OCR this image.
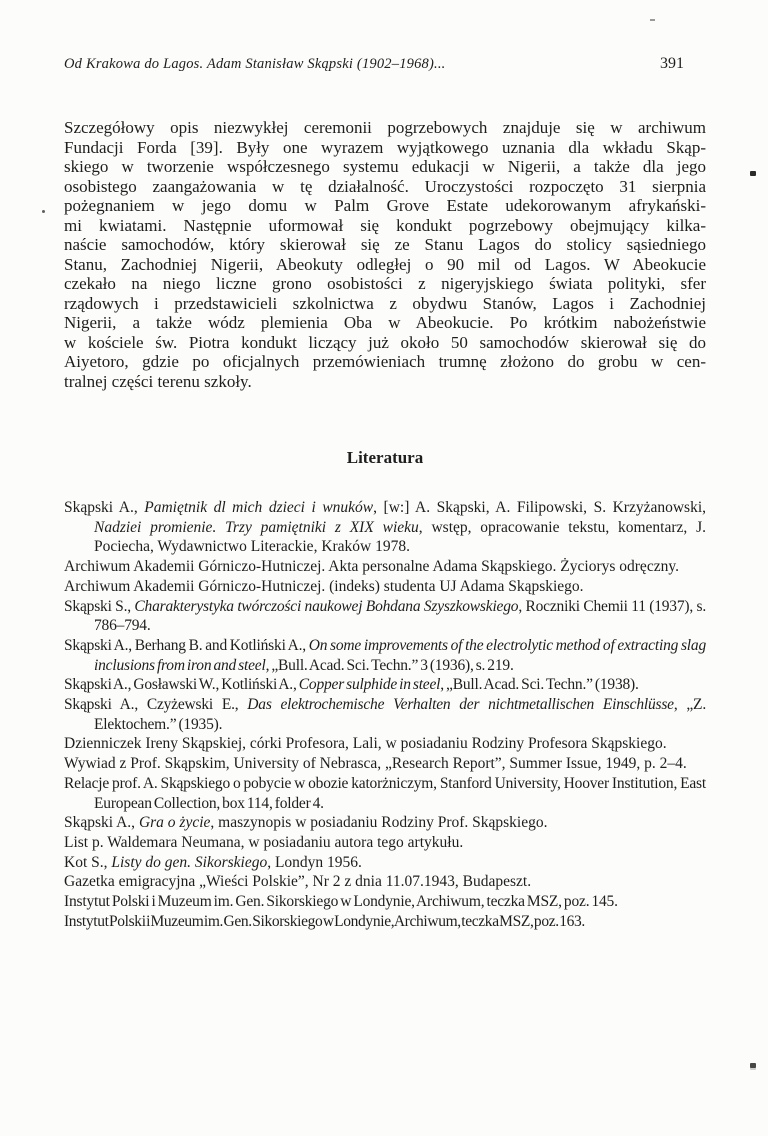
Od Krakowa do Lagos. Adam Stanisław Skąpski (1902–1968)...	391
Szczegółowy opis niezwykłej ceremonii pogrzebowych znajduje się w archiwum
Fundacji Forda [39]. Były one wyrazem wyjątkowego uznania dla wkładu Skąp-
skiego w tworzenie współczesnego systemu edukacji w Nigerii, a także dla jego
osobistego zaangażowania w tę działalność. Uroczystości rozpoczęto 31 sierpnia
pożegnaniem w jego domu w Palm Grove Estate udekorowanym afrykański-
mi kwiatami. Następnie uformował się kondukt pogrzebowy obejmujący kilka-
naście samochodów, który skierował się ze Stanu Lagos do stolicy sąsiedniego
Stanu, Zachodniej Nigerii, Abeokuty odległej o 90 mil od Lagos. W Abeokucie
czekało na niego liczne grono osobistości z nigeryjskiego świata polityki, sfer
rządowych i przedstawicieli szkolnictwa z obydwu Stanów, Lagos i Zachodniej
Nigerii, a także wódz plemienia Oba w Abeokucie. Po krótkim nabożeństwie
w kościele św. Piotra kondukt liczący już około 50 samochodów skierował się do
Aiyetoro, gdzie po oficjalnych przemówieniach trumnę złożono do grobu w cen-
tralnej części terenu szkoły.
Literatura

Skąpski A., Pamiętnik dl mich dzieci i wnuków, [w:] A. Skąpski, A. Filipowski, S. Krzyżanowski, Nadziei promienie. Trzy pamiętniki z XIX wieku, wstęp, opracowanie tekstu, komentarz, J. Pociecha, Wydawnictwo Literackie, Kraków 1978.

Archiwum Akademii Górniczo-Hutniczej. Akta personalne Adama Skąpskiego. Życiorys odręczny.

Archiwum Akademii Górniczo-Hutniczej. (indeks) studenta UJ Adama Skąpskiego.

Skąpski S., Charakterystyka twórczości naukowej Bohdana Szyszkowskiego, Roczniki Chemii 11 (1937), s. 786–794.

Skąpski A., Berhang B. and Kotliński A., On some improvements of the electrolytic method of extracting slag inclusions from iron and steel, „Bull. Acad. Sci. Techn.” 3 (1936), s. 219.

Skąpski A., Gosławski W., Kotliński A., Copper sulphide in steel, „Bull. Acad. Sci. Techn.” (1938).

Skąpski A., Czyżewski E., Das elektrochemische Verhalten der nichtmetallischen Einschlüsse, „Z. Elektochem.” (1935).

Dzienniczek Ireny Skąpskiej, córki Profesora, Lali, w posiadaniu Rodziny Profesora Skąpskiego.

Wywiad z Prof. Skąpskim, University of Nebrasca, „Research Report”, Summer Issue, 1949, p. 2–4.

Relacje prof. A. Skąpskiego o pobycie w obozie katorżniczym, Stanford University, Hoover Institution, East European Collection, box 114, folder 4.

Skąpski A., Gra o życie, maszynopis w posiadaniu Rodziny Prof. Skąpskiego.

List p. Waldemara Neumana, w posiadaniu autora tego artykułu.

Kot S., Listy do gen. Sikorskiego, Londyn 1956.

Gazetka emigracyjna „Wieści Polskie”, Nr 2 z dnia 11.07.1943, Budapeszt.

Instytut Polski i Muzeum im. Gen. Sikorskiego w Londynie, Archiwum, teczka MSZ, poz. 145.

Instytut Polski i Muzeum im. Gen. Sikorskiego w Londynie, Archiwum, teczka MSZ, poz. 163.
